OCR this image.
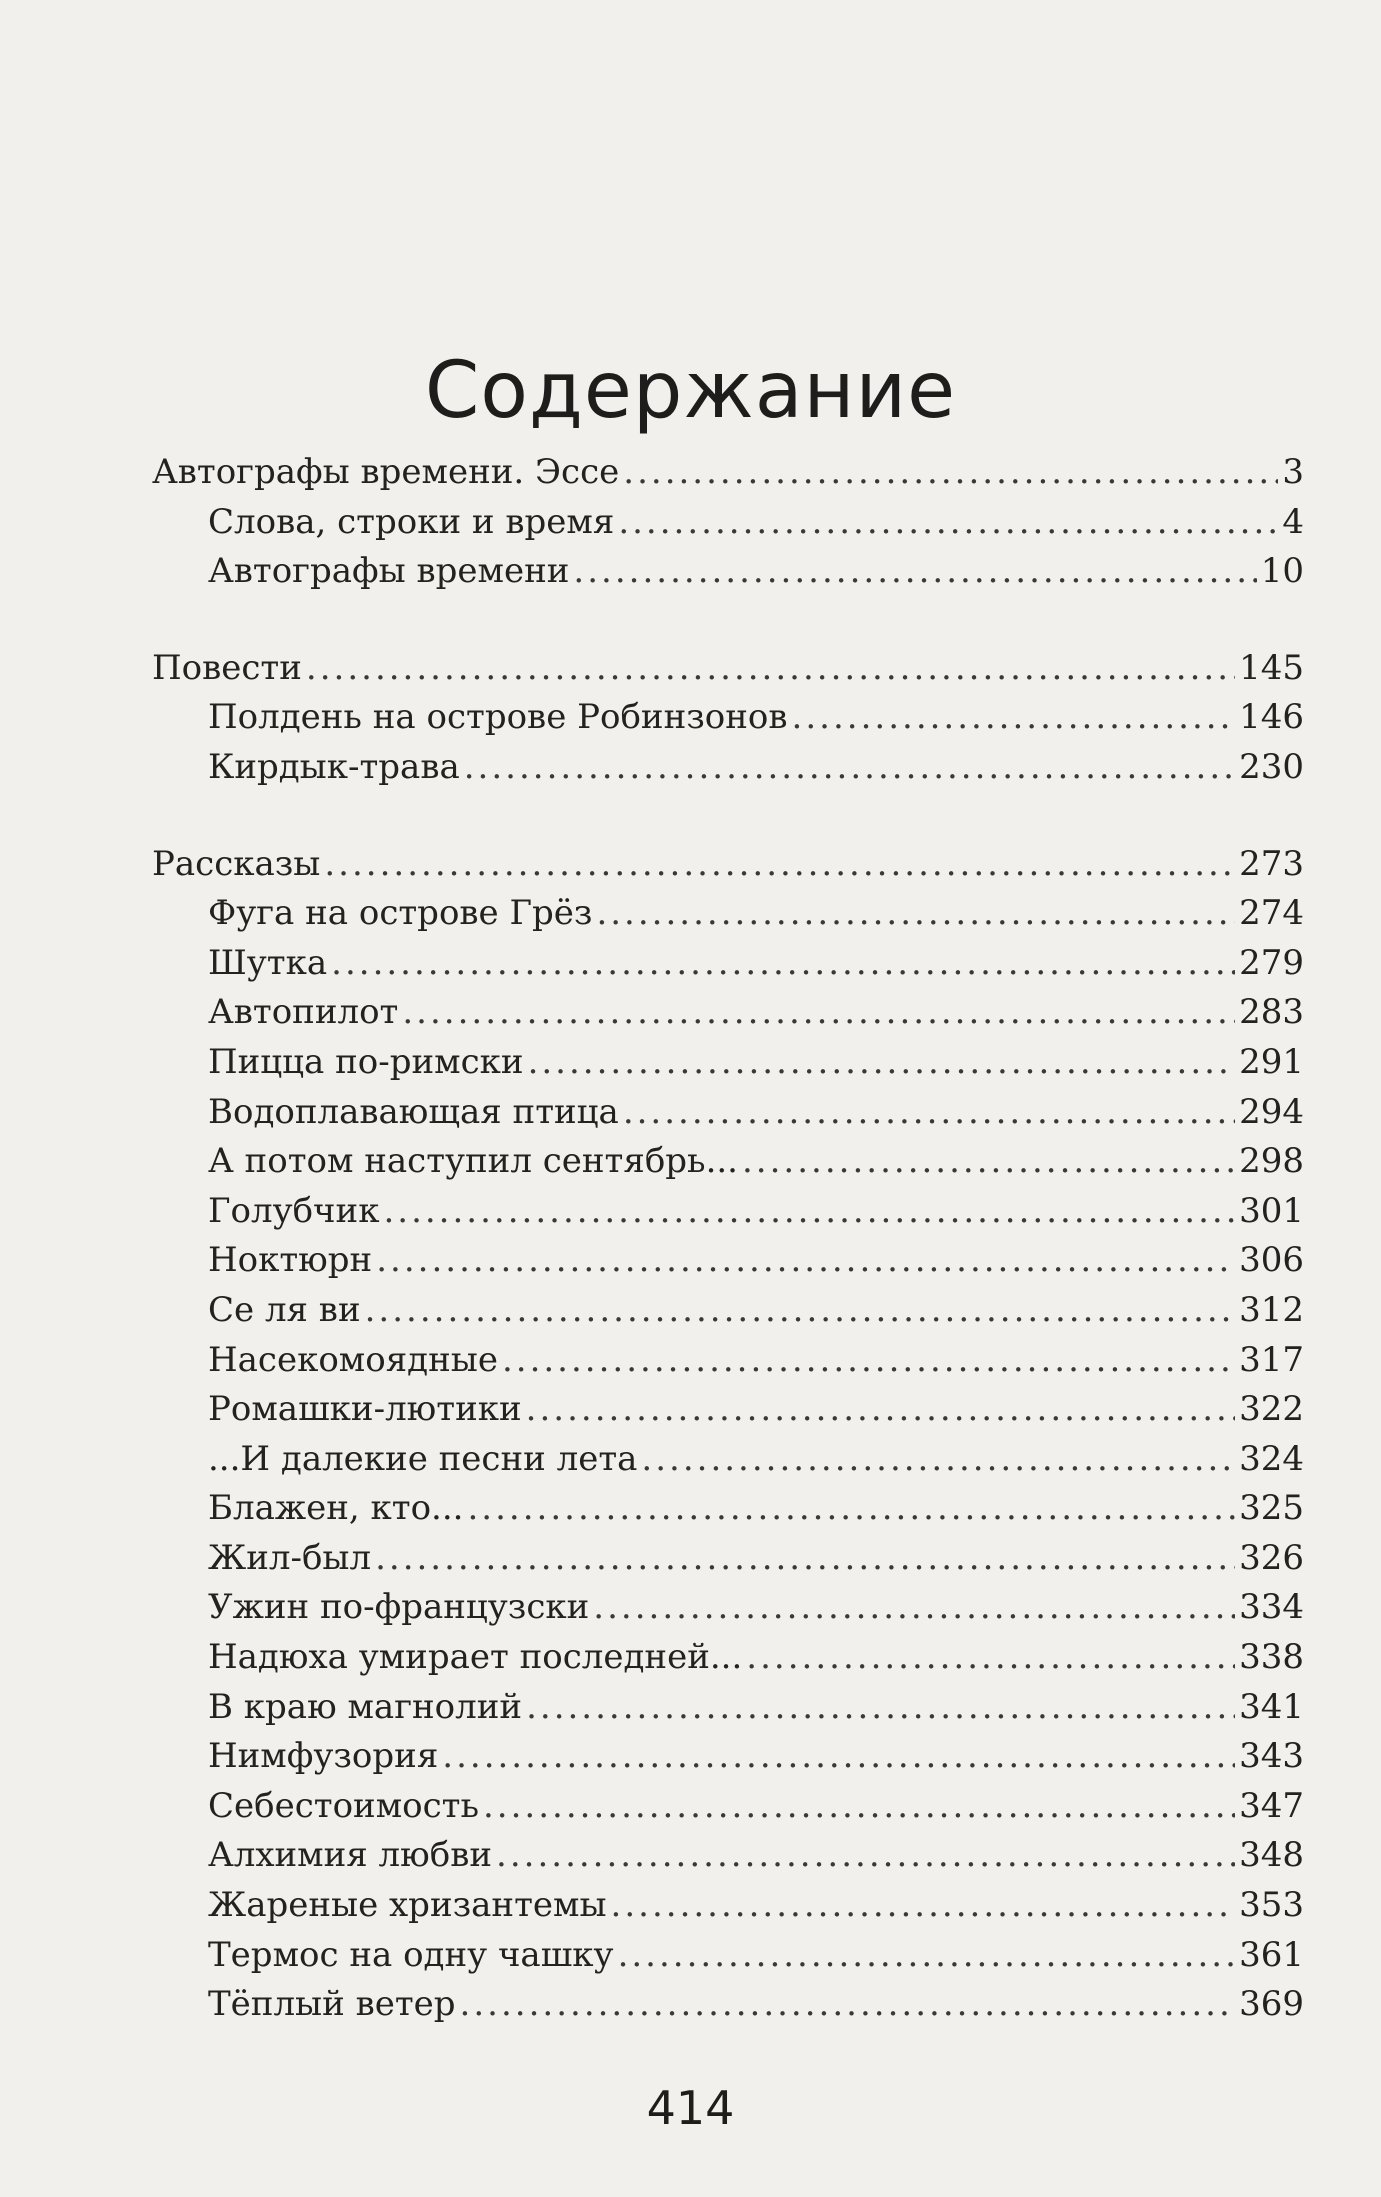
Содержание
Автографы времени. Эссе .....	3
Слова, строки и время .....	4
Автографы времени .....	10
Повести .....	145
Полдень на острове Робинзонов .....	146
Кирдык-трава .....	230
Рассказы .....	273
Фуга на острове Грёз .....	274
Шутка .....	279
Автопилот .....	283
Пицца по-римски .....	291
Водоплавающая птица .....	294
А потом наступил сентябрь... .....	298
Голубчик .....	301
Ноктюрн .....	306
Се ля ви .....	312
Насекомоядные .....	317
Ромашки-лютики .....	322
...И далекие песни лета .....	324
Блажен, кто... .....	325
Жил-был .....	326
Ужин по-французски .....	334
Надюха умирает последней... .....	338
В краю магнолий .....	341
Нимфузория .....	343
Себестоимость .....	347
Алхимия любви .....	348
Жареные хризантемы .....	353
Термос на одну чашку .....	361
Тёплый ветер .....	369
414
